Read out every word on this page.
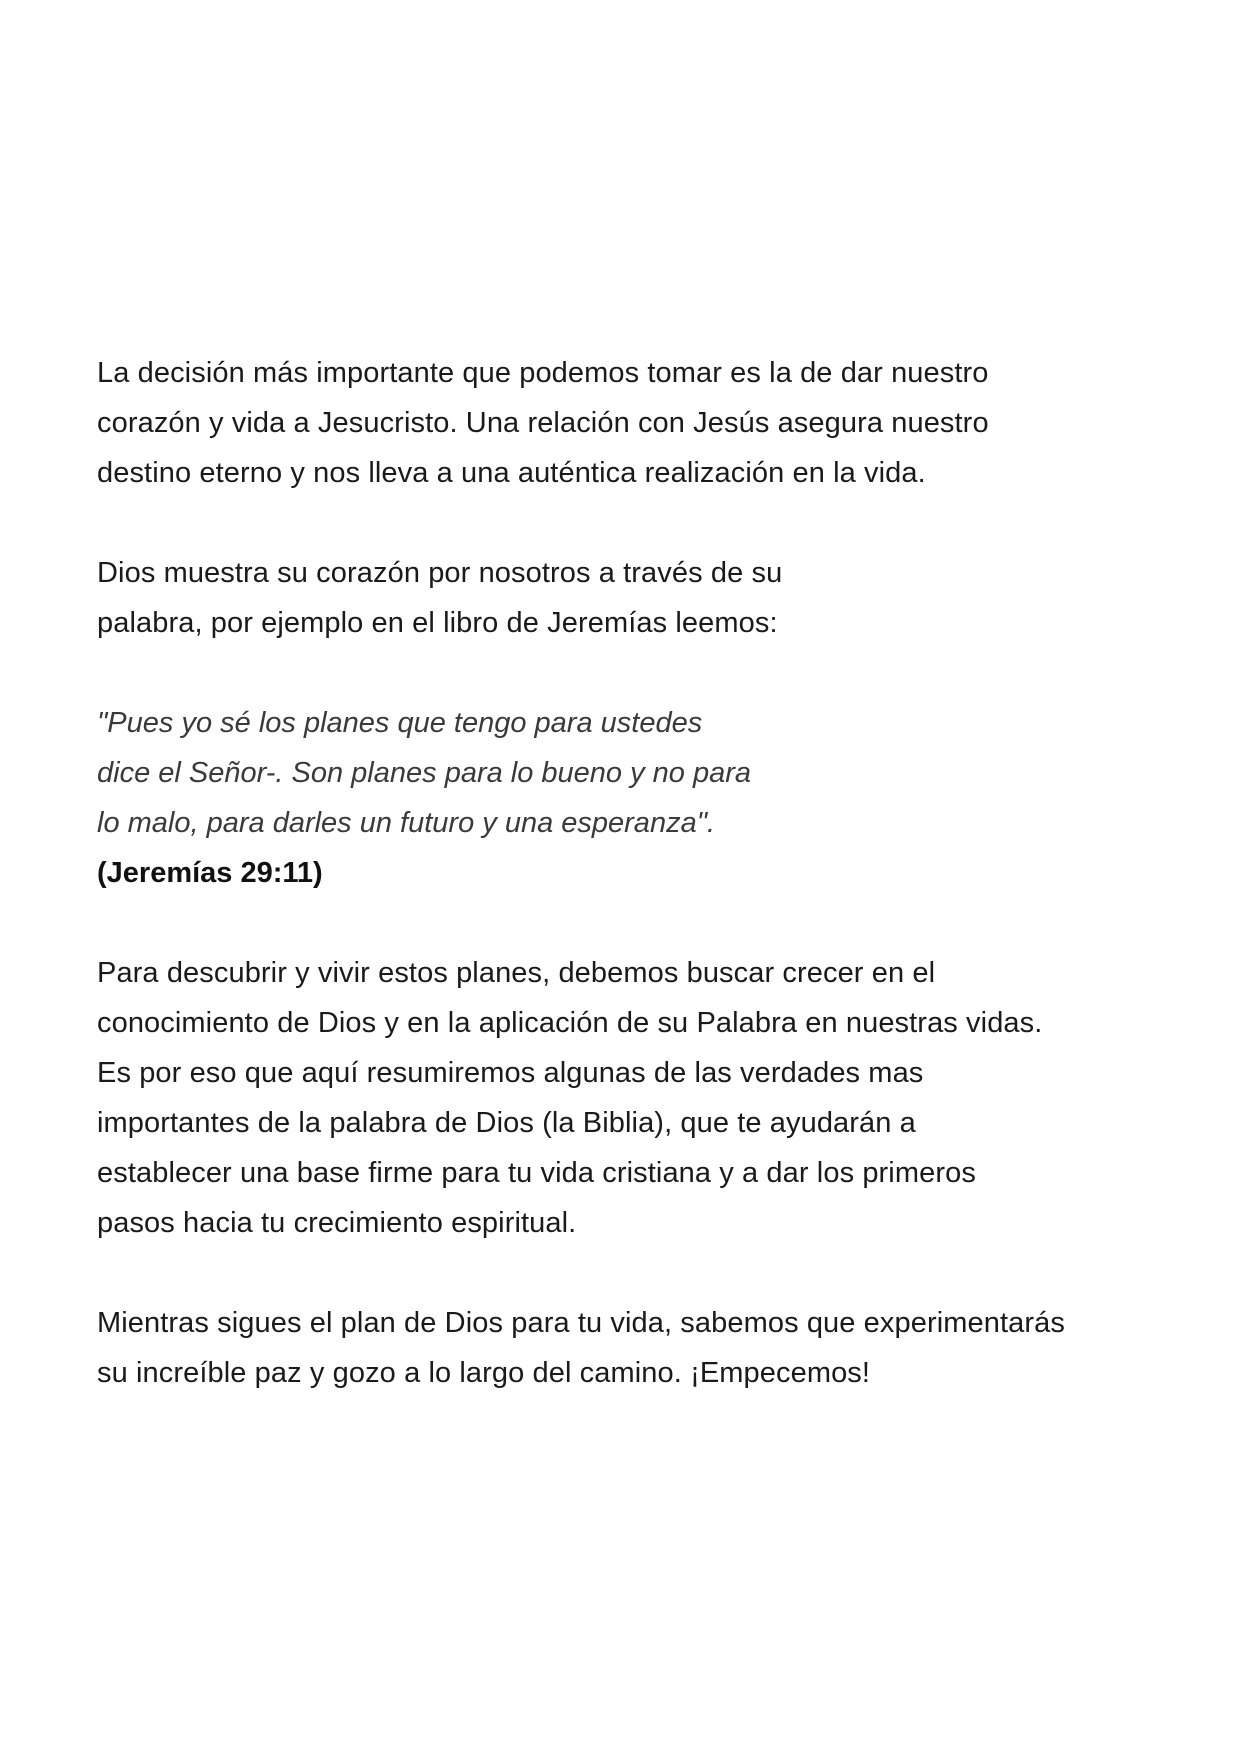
La decisión más importante que podemos tomar es la de dar nuestro
corazón y vida a Jesucristo. Una relación con Jesús asegura nuestro
destino eterno y nos lleva a una auténtica realización en la vida.

Dios muestra su corazón por nosotros a través de su
palabra, por ejemplo en el libro de Jeremías leemos:

"Pues yo sé los planes que tengo para ustedes
dice el Señor-. Son planes para lo bueno y no para
lo malo, para darles un futuro y una esperanza".

(Jeremías 29:11)

Para descubrir y vivir estos planes, debemos buscar crecer en el
conocimiento de Dios y en la aplicación de su Palabra en nuestras vidas.
Es por eso que aquí resumiremos algunas de las verdades mas
importantes de la palabra de Dios (la Biblia), que te ayudarán a
establecer una base firme para tu vida cristiana y a dar los primeros
pasos hacia tu crecimiento espiritual.

Mientras sigues el plan de Dios para tu vida, sabemos que experimentarás
su increíble paz y gozo a lo largo del camino. ¡Empecemos!
